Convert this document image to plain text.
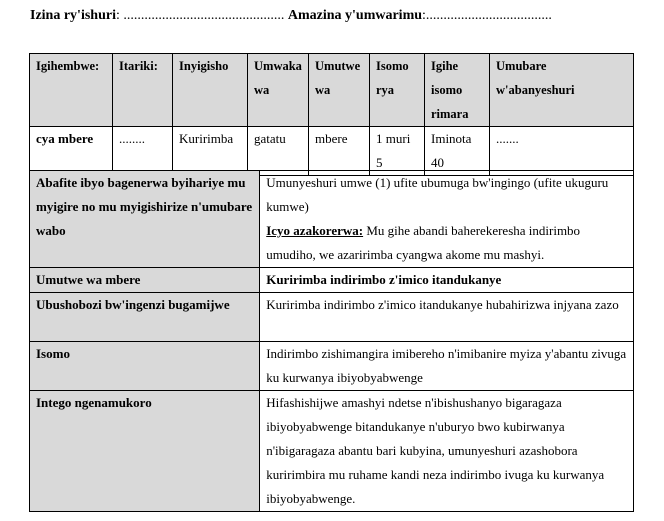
Izina ry'ishuri: .............................................. Amazina y'umwarimu:....................................
Igihembwe:	Itariki:	Inyigisho	Umwaka wa	Umutwe wa	Isomo rya	Igihe isomo rimara	Umubare w'abanyeshuri
cya mbere	........	Kuririmba	gatatu	mbere	1 muri 5	Iminota 40	.......
Abafite ibyo bagenerwa byihariye mu myigire no mu myigishirize n'umubare wabo	Umunyeshuri umwe (1) ufite ubumuga bw'ingingo (ufite ukuguru kumwe)
Icyo azakorerwa: Mu gihe abandi baherekeresha indirimbo umudiho, we azaririmba cyangwa akome mu mashyi.

Umutwe wa mbere	Kuririmba indirimbo z'imico itandukanye
Ubushobozi bw'ingenzi bugamijwe	Kuririmba indirimbo z'imico itandukanye hubahirizwa injyana zazo
Isomo	Indirimbo zishimangira imibereho n'imibanire myiza y'abantu zivuga ku kurwanya ibiyobyabwenge
Intego ngenamukoro	Hifashishijwe amashyi ndetse n'ibishushanyo bigaragaza ibiyobyabwenge bitandukanye n'uburyo bwo kubirwanya n'ibigaragaza abantu bari kubyina, umunyeshuri azashobora kuririmbira mu ruhame kandi neza indirimbo ivuga ku kurwanya ibiyobyabwenge.
